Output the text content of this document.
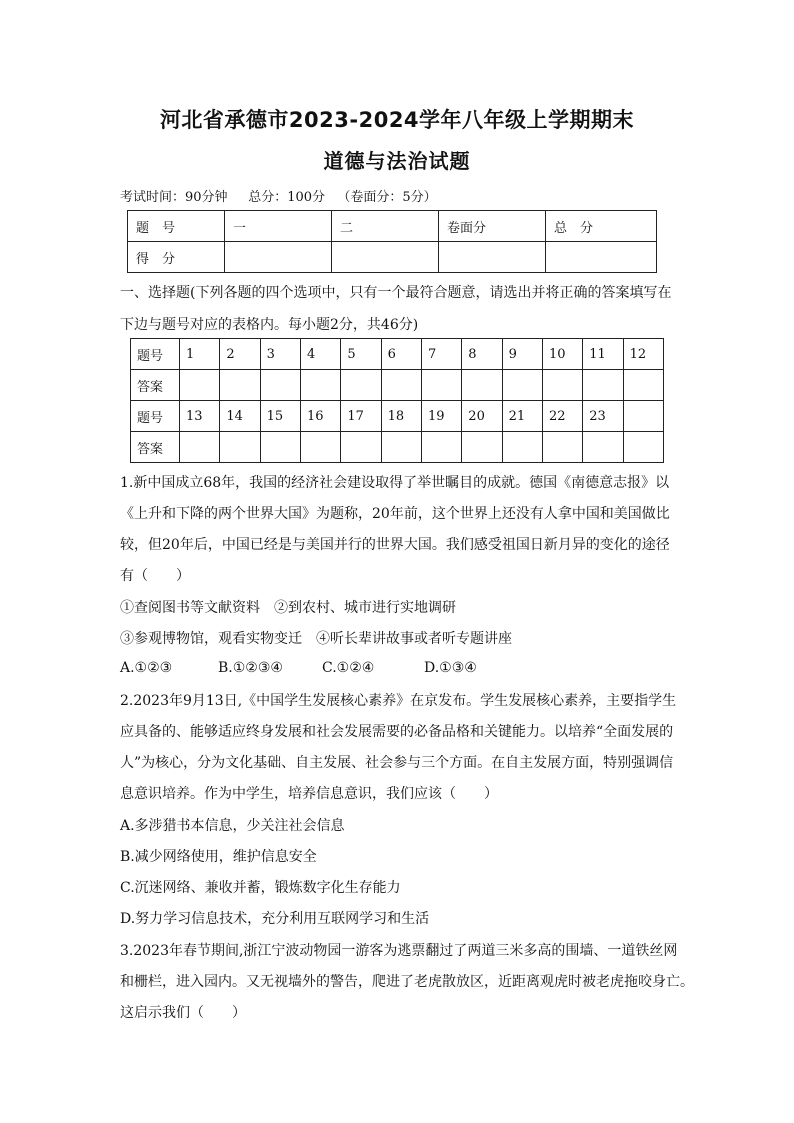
河北省承德市2023-2024学年八年级上学期期末
道德与法治试题
考试时间：90分钟     总分：100分   （卷面分：5分）
题　号	一	二	卷面分	总　分
得　分				
一、选择题(下列各题的四个选项中，只有一个最符合题意，请选出并将正确的答案填写在
下边与题号对应的表格内。每小题2分，共46分)
题号	1	2	3	4	5	6	7	8	9	10	11	12
答案												
题号	13	14	15	16	17	18	19	20	21	22	23	
答案												
1.新中国成立68年，我国的经济社会建设取得了举世瞩目的成就。德国《南德意志报》以
《上升和下降的两个世界大国》为题称，20年前，这个世界上还没有人拿中国和美国做比
较，但20年后，中国已经是与美国并行的世界大国。我们感受祖国日新月异的变化的途径
有（　　）
①查阅图书等文献资料　②到农村、城市进行实地调研
③参观博物馆，观看实物变迁　④听长辈讲故事或者听专题讲座
A.①②③	B.①②③④	C.①②④	D.①③④
2.2023年9月13日,《中国学生发展核心素养》在京发布。学生发展核心素养，主要指学生
应具备的、能够适应终身发展和社会发展需要的必备品格和关键能力。以培养“全面发展的
人”为核心，分为文化基础、自主发展、社会参与三个方面。在自主发展方面，特别强调信
息意识培养。作为中学生，培养信息意识，我们应该（　　）
A.多涉猎书本信息，少关注社会信息
B.减少网络使用，维护信息安全
C.沉迷网络、兼收并蓄，锻炼数字化生存能力
D.努力学习信息技术，充分利用互联网学习和生活
3.2023年春节期间,浙江宁波动物园一游客为逃票翻过了两道三米多高的围墙、一道铁丝网
和栅栏，进入园内。又无视墙外的警告，爬进了老虎散放区，近距离观虎时被老虎拖咬身亡。
这启示我们（　　）
